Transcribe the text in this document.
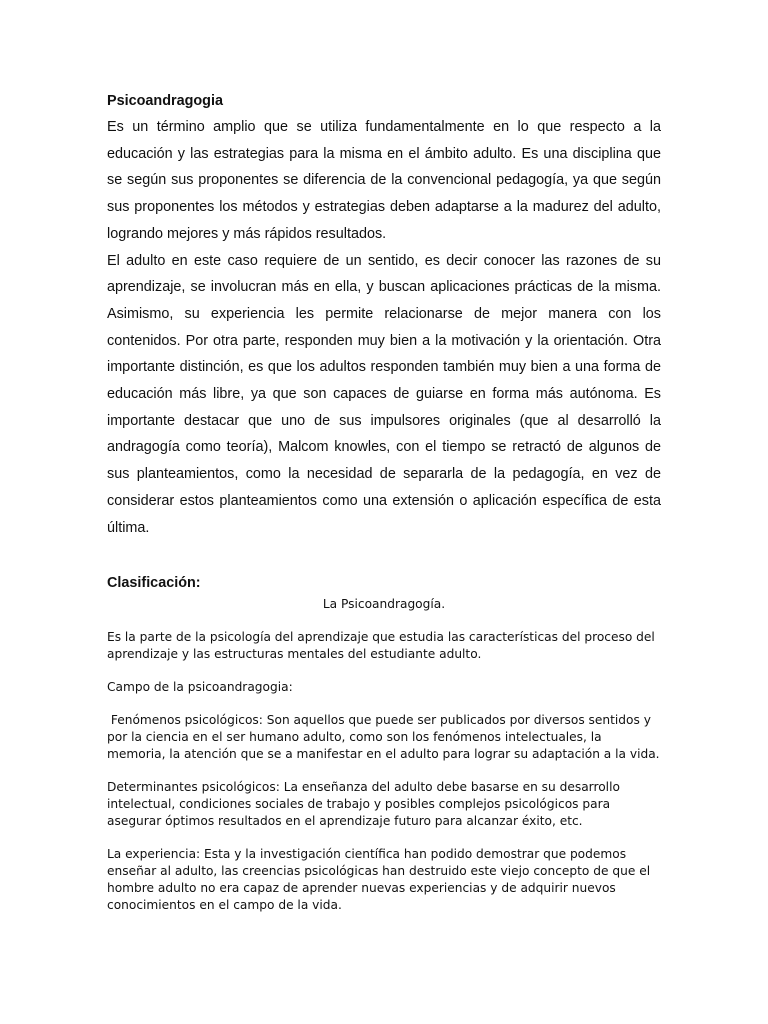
Psicoandragogia

Es un término amplio que se utiliza fundamentalmente en lo que respecto a la educación y las estrategias para la misma en el ámbito adulto. Es una disciplina que se según sus proponentes se diferencia de la convencional pedagogía, ya que según sus proponentes los métodos y estrategias deben adaptarse a la madurez del adulto, logrando mejores y más rápidos resultados.

El adulto en este caso requiere de un sentido, es decir conocer las razones de su aprendizaje, se involucran más en ella, y buscan aplicaciones prácticas de la misma. Asimismo, su experiencia les permite relacionarse de mejor manera con los contenidos. Por otra parte, responden muy bien a la motivación y la orientación. Otra importante distinción, es que los adultos responden también muy bien a una forma de educación más libre, ya que son capaces de guiarse en forma más autónoma. Es importante destacar que uno de sus impulsores originales (que al desarrolló la andragogía como teoría), Malcom knowles, con el tiempo se retractó de algunos de sus planteamientos, como la necesidad de separarla de la pedagogía, en vez de considerar estos planteamientos como una extensión o aplicación específica de esta última.

Clasificación:

La Psicoandragogía.

Es la parte de la psicología del aprendizaje que estudia las características del proceso del aprendizaje y las estructuras mentales del estudiante adulto.

Campo de la psicoandragogia:

Fenómenos psicológicos: Son aquellos que puede ser publicados por diversos sentidos y por la ciencia en el ser humano adulto, como son los fenómenos intelectuales, la memoria, la atención que se a manifestar en el adulto para lograr su adaptación a la vida.

Determinantes psicológicos: La enseñanza del adulto debe basarse en su desarrollo intelectual, condiciones sociales de trabajo y posibles complejos psicológicos para asegurar óptimos resultados en el aprendizaje futuro para alcanzar éxito, etc.

La experiencia: Esta y la investigación científica han podido demostrar que podemos enseñar al adulto, las creencias psicológicas han destruido este viejo concepto de que el hombre adulto no era capaz de aprender nuevas experiencias y de adquirir nuevos conocimientos en el campo de la vida.
